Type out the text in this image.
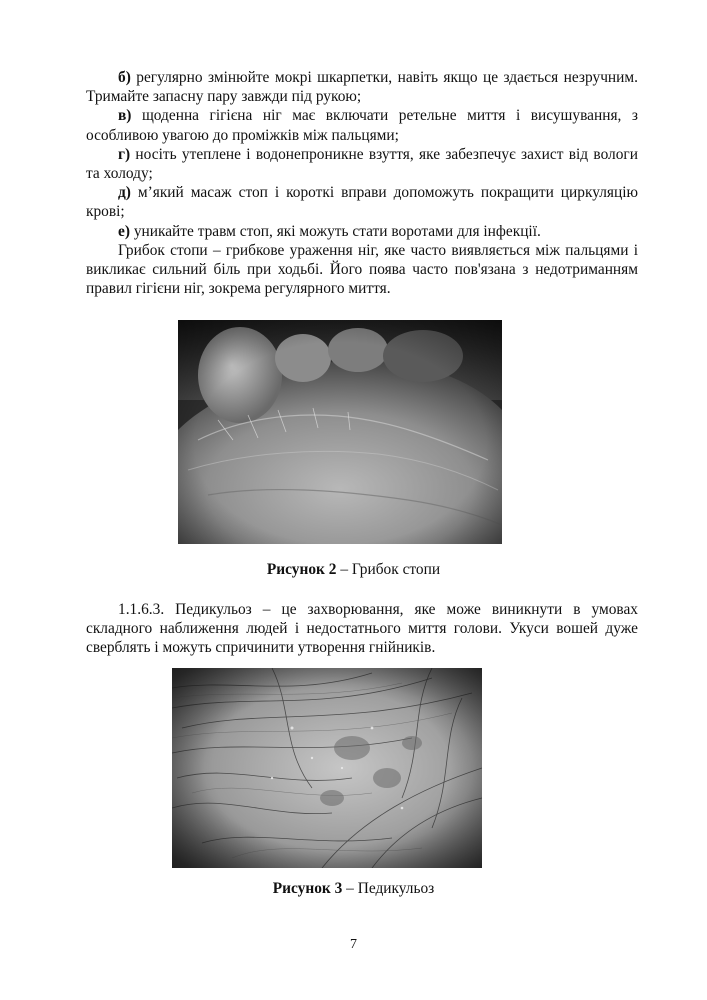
б) регулярно змінюйте мокрі шкарпетки, навіть якщо це здається незручним. Тримайте запасну пару завжди під рукою;

в) щоденна гігієна ніг має включати ретельне миття і висушування, з особливою увагою до проміжків між пальцями;

г) носіть утеплене і водонепроникне взуття, яке забезпечує захист від вологи та холоду;

д) м’який масаж стоп і короткі вправи допоможуть покращити циркуляцію крові;

е) уникайте травм стоп, які можуть стати воротами для інфекції.

Грибок стопи – грибкове ураження ніг, яке часто виявляється між пальцями і викликає сильний біль при ходьбі. Його поява часто пов'язана з недотриманням правил гігієни ніг, зокрема регулярного миття.

Рисунок 2 – Грибок стопи

1.1.6.3. Педикульоз – це захворювання, яке може виникнути в умовах складного наближення людей і недостатнього миття голови. Укуси вошей дуже сверблять і можуть спричинити утворення гнійників.

Рисунок 3 – Педикульоз
7
